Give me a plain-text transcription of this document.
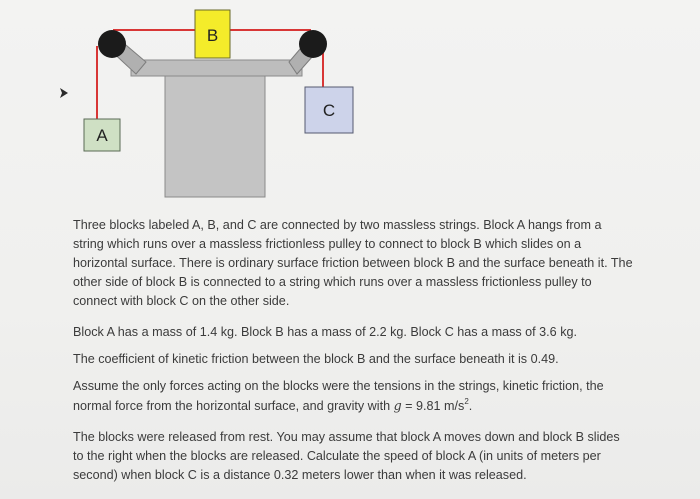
B
A
C

Three blocks labeled A, B, and C are connected by two massless strings. Block A hangs from a string which runs over a massless frictionless pulley to connect to block B which slides on a horizontal surface. There is ordinary surface friction between block B and the surface beneath it. The other side of block B is connected to a string which runs over a massless frictionless pulley to connect with block C on the other side.

Block A has a mass of 1.4 kg. Block B has a mass of 2.2 kg. Block C has a mass of 3.6 kg.

The coefficient of kinetic friction between the block B and the surface beneath it is 0.49.

Assume the only forces acting on the blocks were the tensions in the strings, kinetic friction, the normal force from the horizontal surface, and gravity with g = 9.81 $m/s^2$.

The blocks were released from rest. You may assume that block A moves down and block B slides to the right when the blocks are released. Calculate the speed of block A (in units of meters per second) when block C is a distance 0.32 meters lower than when it was released.
